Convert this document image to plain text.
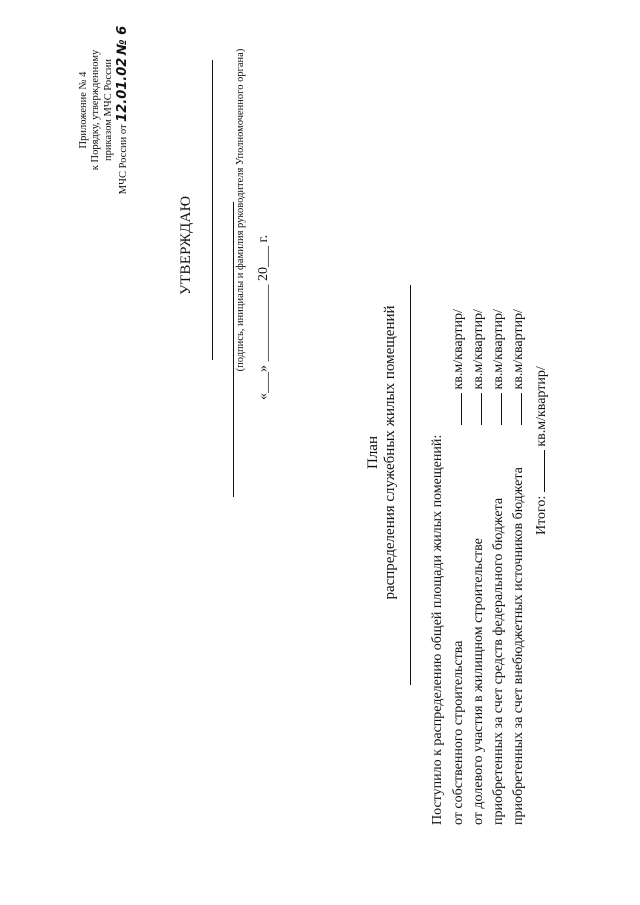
Приложение № 4 к Порядку, утвержденному приказом МЧС России МЧС России от 12.01.02 № 6
УТВЕРЖДАЮ	(подпись, инициалы и фамилия руководителя Уполномоченного органа) «___» ___________ 20___ г.
План распределения служебных жилых помещений Поступило к распределению общей площади жилых помещений: от собственного строительства кв.м/квартир/
от долевого участия в жилищном строительстве кв.м/квартир/
приобретенных за счет средств федерального бюджета кв.м/квартир/
приобретенных за счет внебюджетных источников бюджета кв.м/квартир/
Итого:  кв.м/квартир/
